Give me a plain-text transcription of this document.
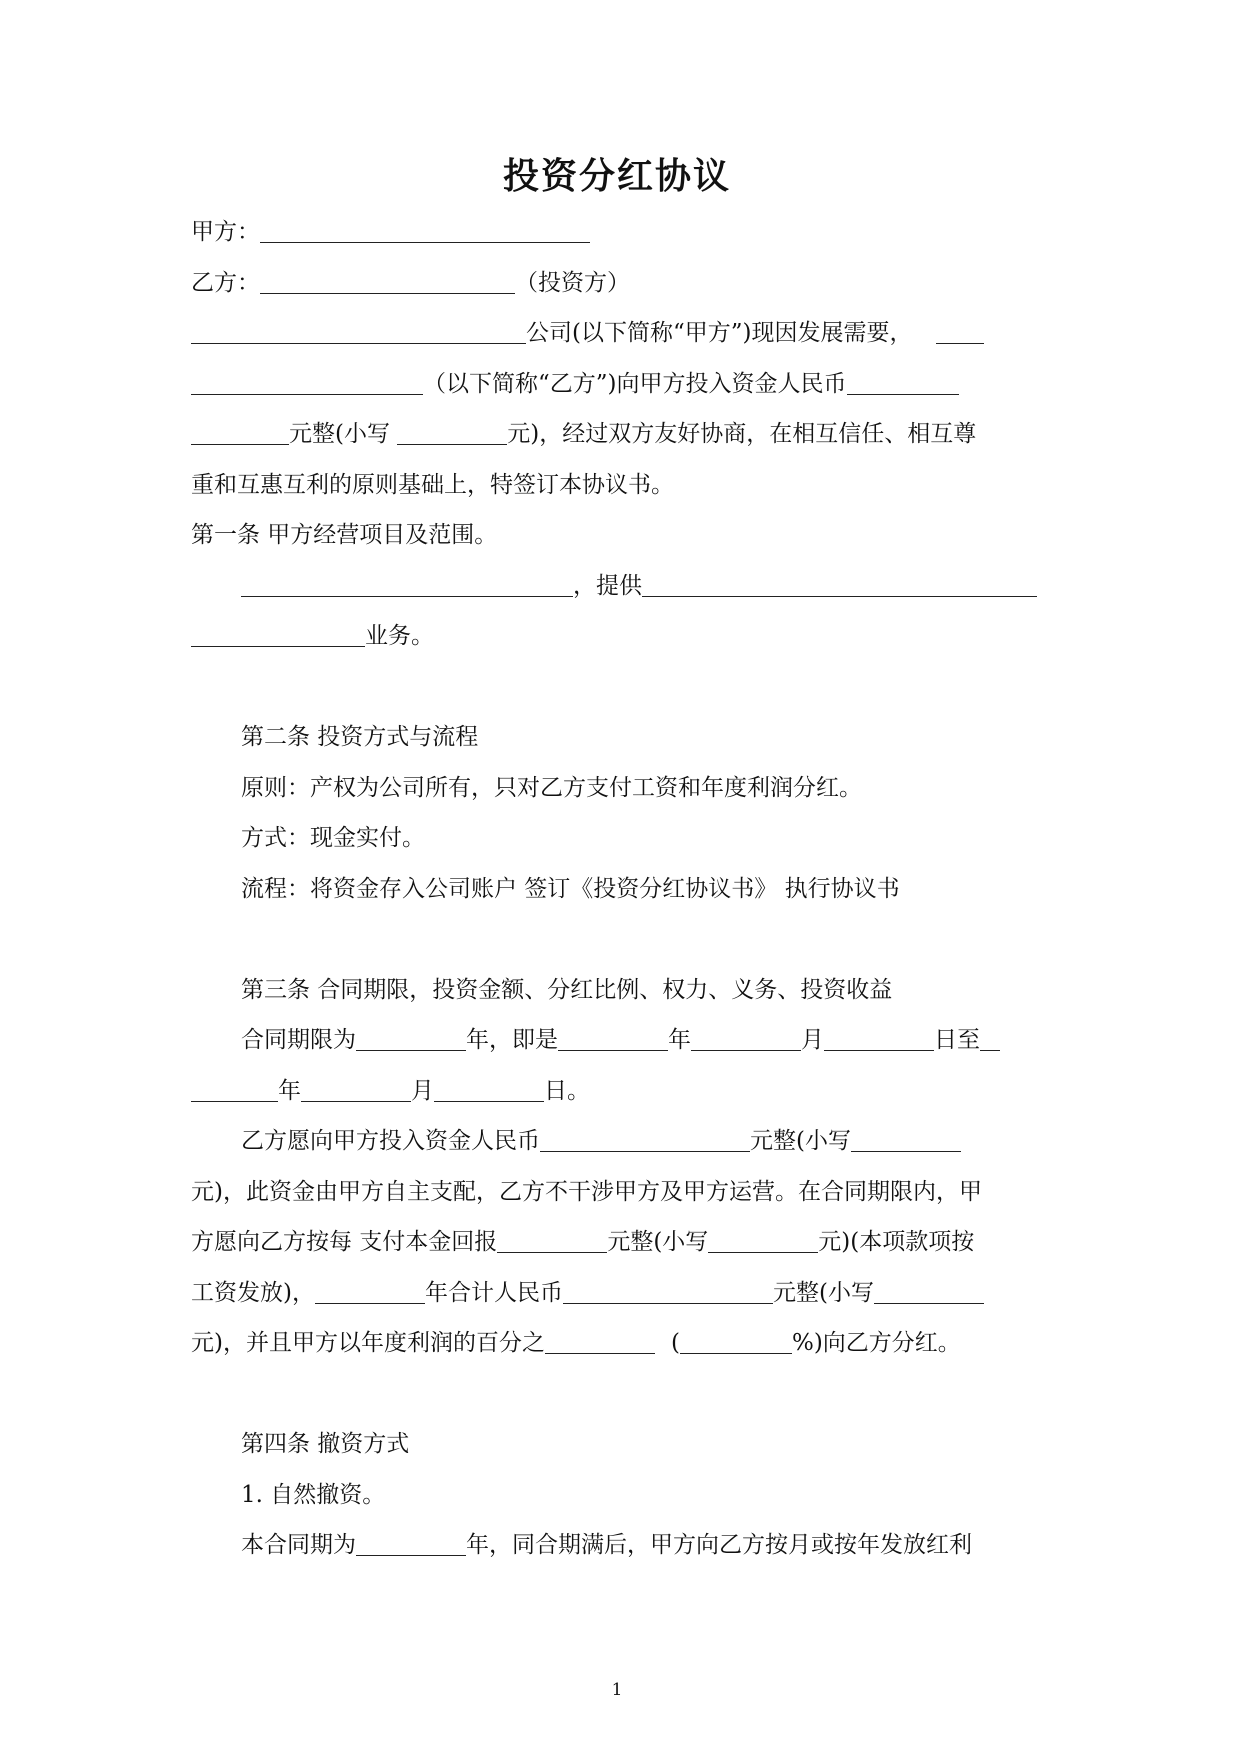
投资分红协议
甲方：
乙方：	（投资方）
公司(以下简称“甲方”)现因发展需要，
（以下简称“乙方”)向甲方投入资金人民币
元整(小写	元)，经过双方友好协商，在相互信任、相互尊
重和互惠互利的原则基础上，特签订本协议书。
第一条 甲方经营项目及范围。
，提供
业务。
第二条 投资方式与流程
原则：产权为公司所有，只对乙方支付工资和年度利润分红。
方式：现金实付。
流程：将资金存入公司账户 签订《投资分红协议书》 执行协议书
第三条 合同期限，投资金额、分红比例、权力、义务、投资收益
合同期限为	年，即是	年	月	日至
年	月	日。
乙方愿向甲方投入资金人民币	元整(小写
元)，此资金由甲方自主支配，乙方不干涉甲方及甲方运营。在合同期限内，甲
方愿向乙方按每 支付本金回报	元整(小写	元)(本项款项按
工资发放)，	年合计人民币	元整(小写
元)，并且甲方以年度利润的百分之	(	%)向乙方分红。
第四条 撤资方式
1. 自然撤资。
本合同期为	年，同合期满后，甲方向乙方按月或按年发放红利
1
